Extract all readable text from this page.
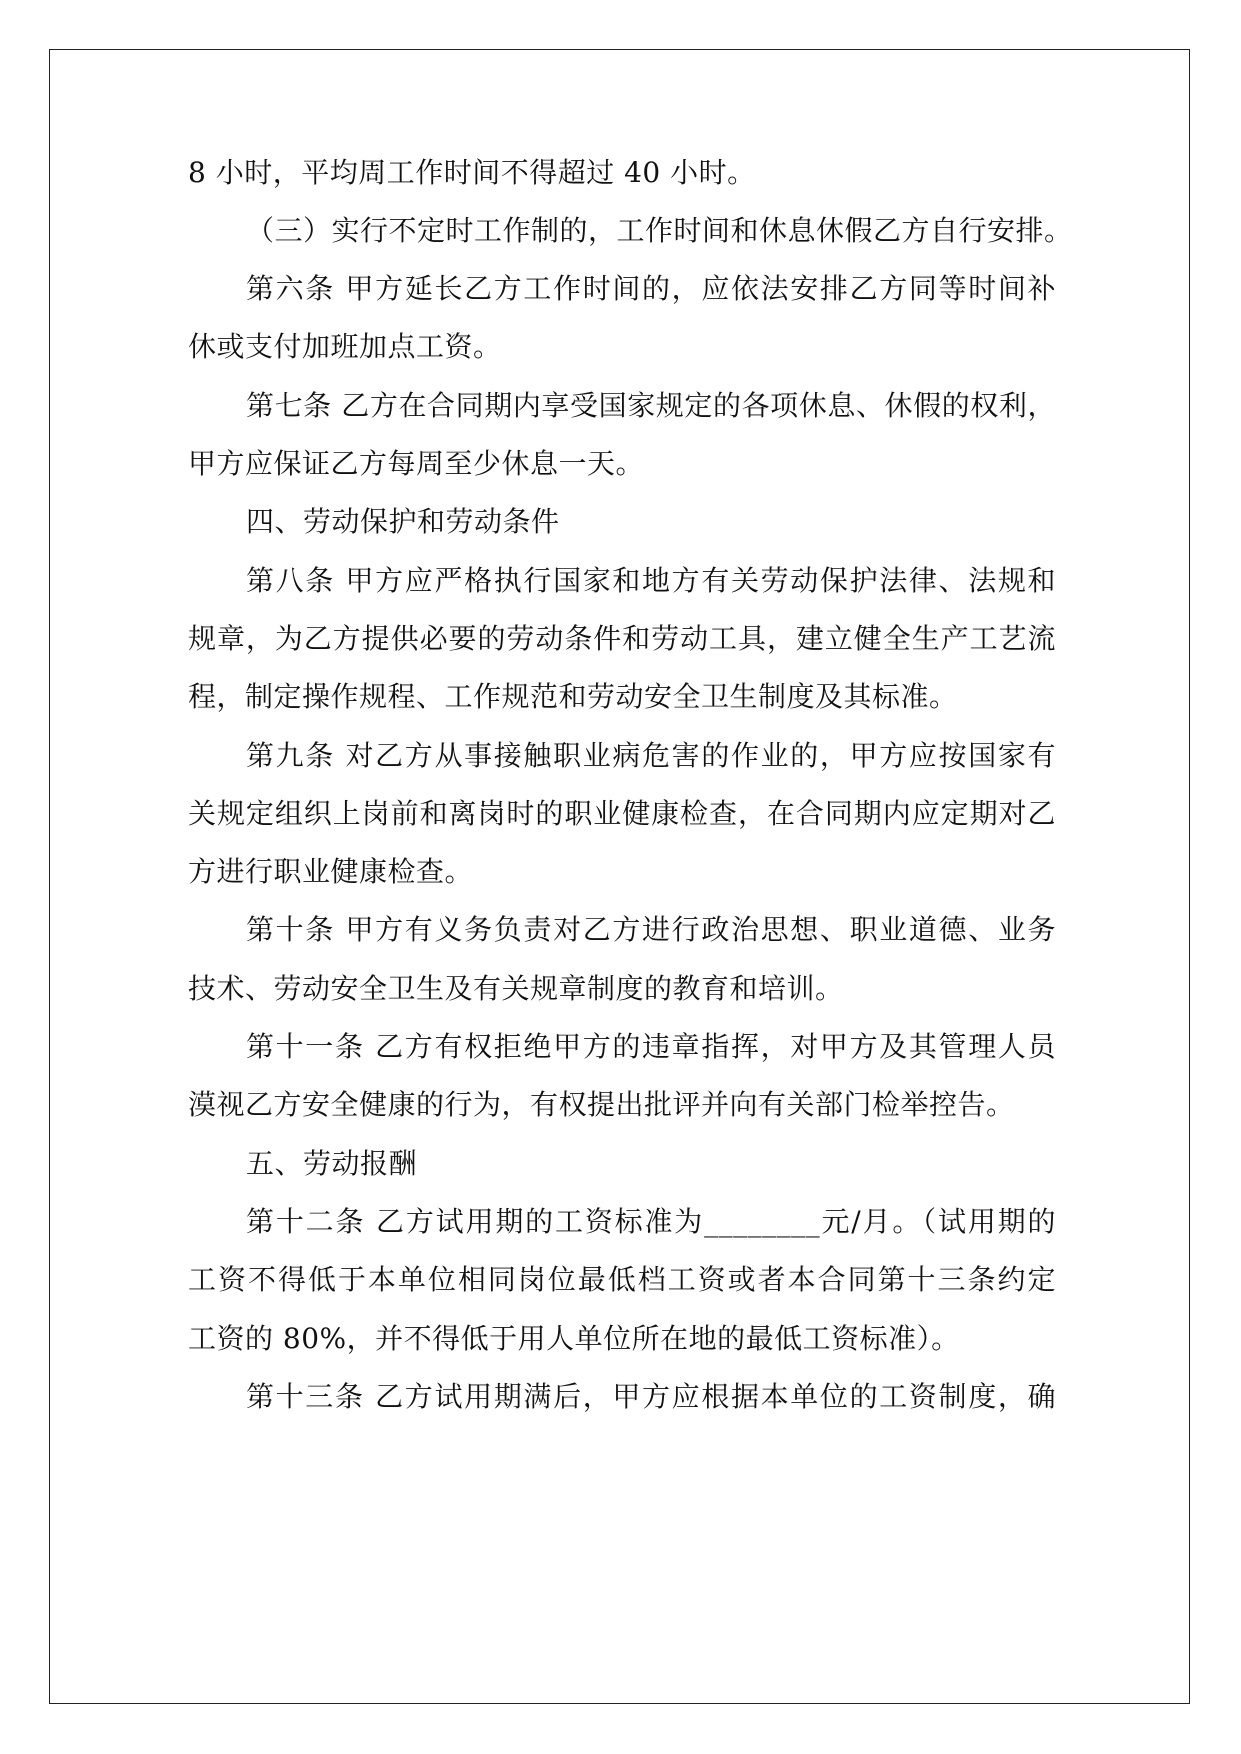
8 小时，平均周工作时间不得超过 40 小时。
（三）实行不定时工作制的，工作时间和休息休假乙方自行安排。
第六条 甲方延长乙方工作时间的，应依法安排乙方同等时间补
休或支付加班加点工资。
第七条 乙方在合同期内享受国家规定的各项休息、休假的权利，
甲方应保证乙方每周至少休息一天。
四、劳动保护和劳动条件
第八条 甲方应严格执行国家和地方有关劳动保护法律、法规和
规章，为乙方提供必要的劳动条件和劳动工具，建立健全生产工艺流
程，制定操作规程、工作规范和劳动安全卫生制度及其标准。
第九条 对乙方从事接触职业病危害的作业的，甲方应按国家有
关规定组织上岗前和离岗时的职业健康检查，在合同期内应定期对乙
方进行职业健康检查。
第十条 甲方有义务负责对乙方进行政治思想、职业道德、业务
技术、劳动安全卫生及有关规章制度的教育和培训。
第十一条 乙方有权拒绝甲方的违章指挥，对甲方及其管理人员
漠视乙方安全健康的行为，有权提出批评并向有关部门检举控告。
五、劳动报酬
第十二条 乙方试用期的工资标准为________元/月。（试用期的
工资不得低于本单位相同岗位最低档工资或者本合同第十三条约定
工资的 80%，并不得低于用人单位所在地的最低工资标准）。
第十三条 乙方试用期满后，甲方应根据本单位的工资制度，确
